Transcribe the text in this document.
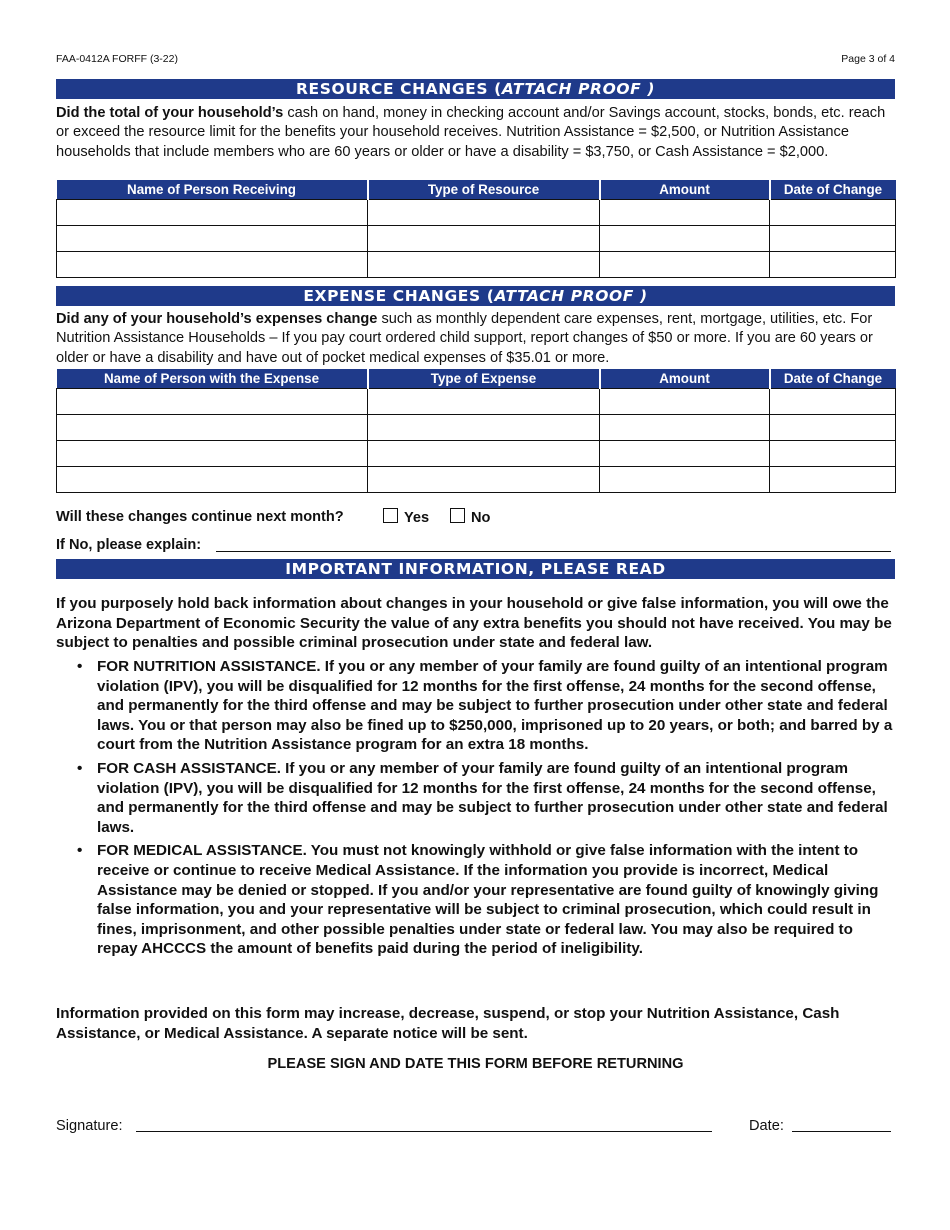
FAA-0412A FORFF (3-22)	Page 3 of 4
RESOURCE CHANGES (ATTACH PROOF )
Did the total of your household’s cash on hand, money in checking account and/or Savings account, stocks, bonds, etc. reach or exceed the resource limit for the benefits your household receives. Nutrition Assistance = $2,500, or Nutrition Assistance households that include members who are 60 years or older or have a disability = $3,750, or Cash Assistance = $2,000.
Name of Person Receiving	Type of Resource	Amount	Date of Change

EXPENSE CHANGES (ATTACH PROOF )
Did any of your household’s expenses change such as monthly dependent care expenses, rent, mortgage, utilities, etc. For Nutrition Assistance Households – If you pay court ordered child support, report changes of $50 or more. If you are 60 years or older or have a disability and have out of pocket medical expenses of $35.01 or more.
Name of Person with the Expense	Type of Expense	Amount	Date of Change

Will these changes continue next month?	Yes	No
If No, please explain:
IMPORTANT INFORMATION, PLEASE READ
If you purposely hold back information about changes in your household or give false information, you will owe the Arizona Department of Economic Security the value of any extra benefits you should not have received. You may be subject to penalties and possible criminal prosecution under state and federal law.
• FOR NUTRITION ASSISTANCE. If you or any member of your family are found guilty of an intentional program violation (IPV), you will be disqualified for 12 months for the first offense, 24 months for the second offense, and permanently for the third offense and may be subject to further prosecution under other state and federal laws. You or that person may also be fined up to $250,000, imprisoned up to 20 years, or both; and barred by a court from the Nutrition Assistance program for an extra 18 months.
• FOR CASH ASSISTANCE. If you or any member of your family are found guilty of an intentional program violation (IPV), you will be disqualified for 12 months for the first offense, 24 months for the second offense, and permanently for the third offense and may be subject to further prosecution under other state and federal laws.
• FOR MEDICAL ASSISTANCE. You must not knowingly withhold or give false information with the intent to receive or continue to receive Medical Assistance. If the information you provide is incorrect, Medical Assistance may be denied or stopped. If you and/or your representative are found guilty of knowingly giving false information, you and your representative will be subject to criminal prosecution, which could result in fines, imprisonment, and other possible penalties under state or federal law. You may also be required to repay AHCCCS the amount of benefits paid during the period of ineligibility.
Information provided on this form may increase, decrease, suspend, or stop your Nutrition Assistance, Cash Assistance, or Medical Assistance. A separate notice will be sent.
PLEASE SIGN AND DATE THIS FORM BEFORE RETURNING
Signature:	Date:
